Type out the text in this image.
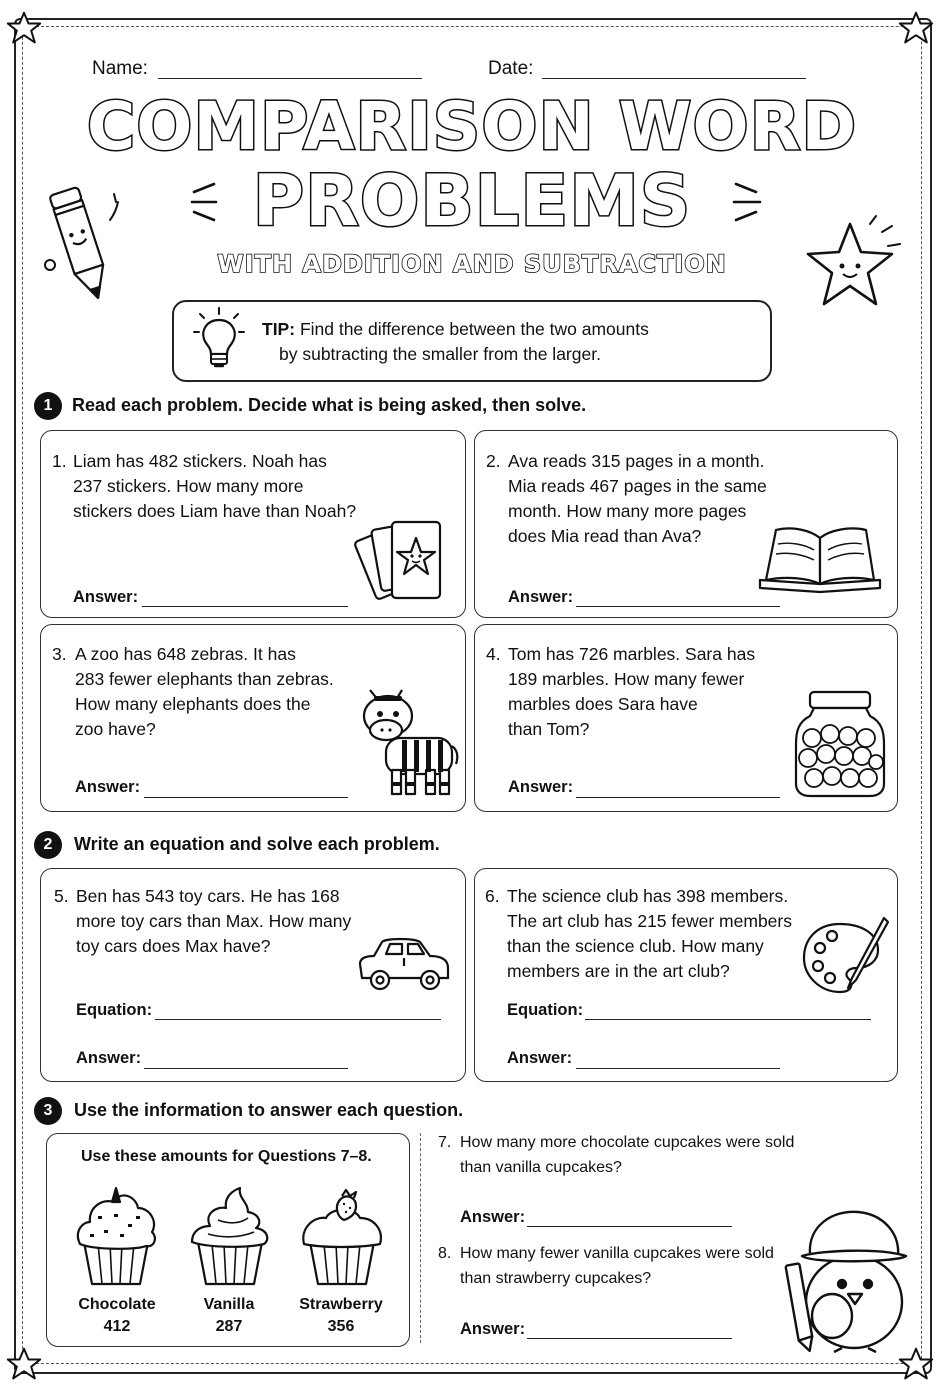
Name:	Date:
COMPARISON WORD
PROBLEMS
WITH ADDITION AND SUBTRACTION
TIP: Find the difference between the two amounts
by subtracting the smaller from the larger.
1	Read each problem. Decide what is being asked, then solve.
1. Liam has 482 stickers. Noah has
237 stickers. How many more
stickers does Liam have than Noah?
Answer:
2. Ava reads 315 pages in a month.
Mia reads 467 pages in the same
month. How many more pages
does Mia read than Ava?
Answer:
3. A zoo has 648 zebras. It has
283 fewer elephants than zebras.
How many elephants does the
zoo have?
Answer:
4. Tom has 726 marbles. Sara has
189 marbles. How many fewer
marbles does Sara have
than Tom?
Answer:
2	Write an equation and solve each problem.
5. Ben has 543 toy cars. He has 168
more toy cars than Max. How many
toy cars does Max have?
Equation:
Answer:
6. The science club has 398 members.
The art club has 215 fewer members
than the science club. How many
members are in the art club?
Equation:
Answer:
3	Use the information to answer each question.
Use these amounts for Questions 7–8.
Chocolate
412
Vanilla
287
Strawberry
356
7. How many more chocolate cupcakes were sold
than vanilla cupcakes?
Answer:
8. How many fewer vanilla cupcakes were sold
than strawberry cupcakes?
Answer:
